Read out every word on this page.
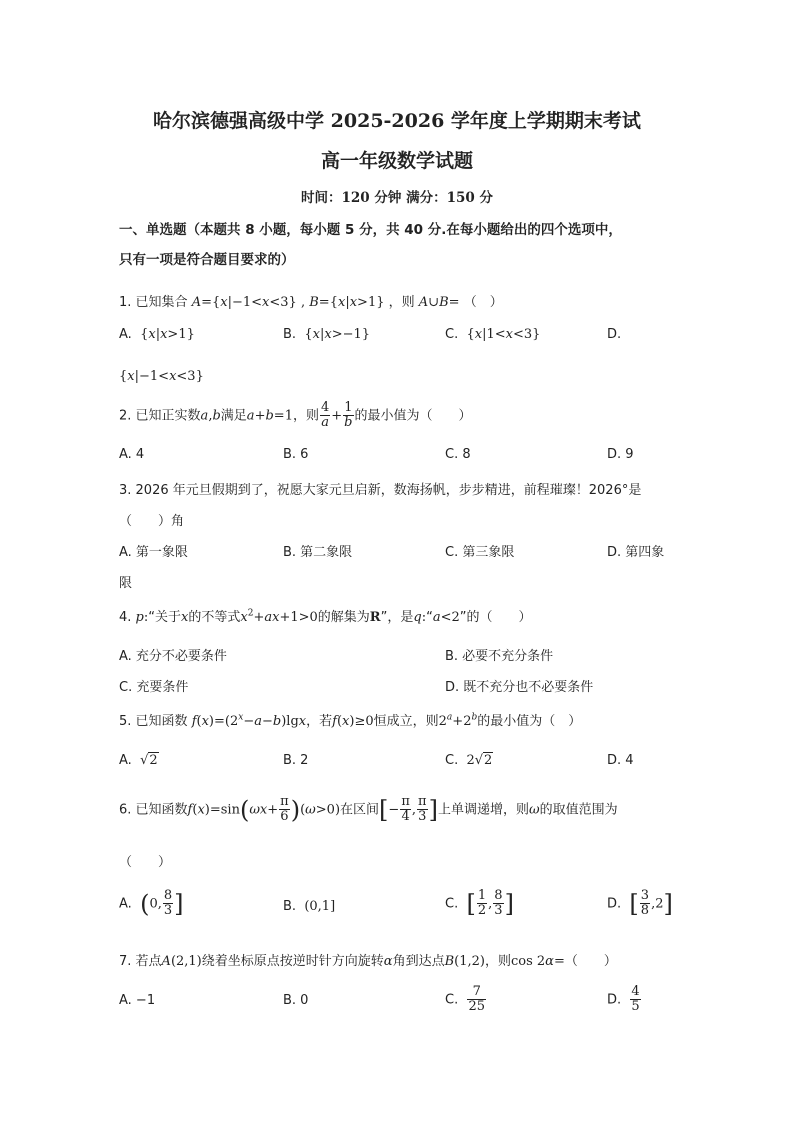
哈尔滨德强高级中学 2025-2026 学年度上学期期末考试
高一年级数学试题
时间：120 分钟 满分：150 分
一、单选题（本题共 8 小题，每小题 5 分，共 40 分.在每小题给出的四个选项中，
只有一项是符合题目要求的）
1. 已知集合 A={x|−1<x<3} , B={x|x>1} ，则 A∪B= （　）
A.  {x|x>1}	B.  {x|x>−1}	C.  {x|1<x<3}	D.
{x|−1<x<3}
2. 已知正实数a,b满足a+b=1，则 $\frac{4}{a} + \frac{1}{b}$ 的最小值为（　　）
A. 4	B. 6	C. 8	D. 9
3. 2026 年元旦假期到了，祝愿大家元旦启新，数海扬帆，步步精进，前程璀璨！2026°是
（　　）角
A. 第一象限	B. 第二象限	C. 第三象限	D. 第四象
限
4. p:“关于x的不等式$x^2+ax+1>0$的解集为R”，是q:“a<2”的（　　）
A. 充分不必要条件	B. 必要不充分条件
C. 充要条件	D. 既不充分也不必要条件
5. 已知函数 $f(x)=(2^x-a-b)\lg x$，若f(x)≥0恒成立，则$2^a+2^b$的最小值为（　）
A. √2	B. 2	C. 2√2	D. 4
6. 已知函数$f(x)=\sin(\omega x+ \frac{\pi}{6} )(\omega>0)$在区间[− $\frac{\pi}{4}$ , $\frac{\pi}{3}$ ]上单调递增，则ω的取值范围为
（　　）
A. (0, $\frac{8}{3}$ ]	B. (0,1]	C. [ $\frac{1}{2}$ , $\frac{8}{3}$ ]	D. [ $\frac{3}{8} ,2$]
7. 若点A(2,1)绕着坐标原点按逆时针方向旋转α角到达点B(1,2)，则cos 2α=（　　）
A. −1	B. 0	C. $\frac{7}{25}$	D. $\frac{4}{5}$
